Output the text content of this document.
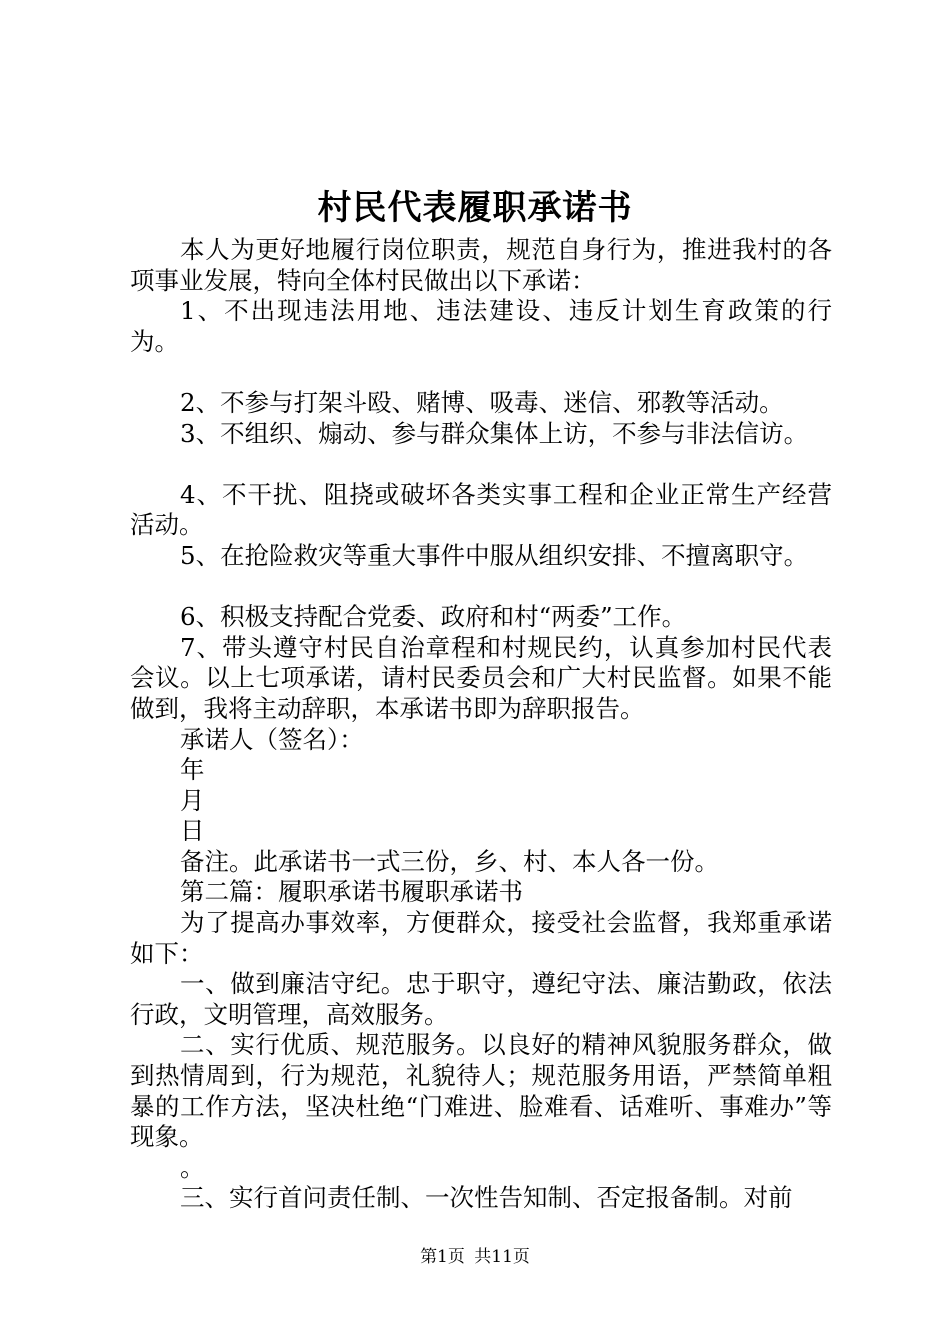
村民代表履职承诺书

本人为更好地履行岗位职责，规范自身行为，推进我村的各项事业发展，特向全体村民做出以下承诺：

1、不出现违法用地、违法建设、违反计划生育政策的行为。

2、不参与打架斗殴、赌博、吸毒、迷信、邪教等活动。

3、不组织、煽动、参与群众集体上访，不参与非法信访。

4、不干扰、阻挠或破坏各类实事工程和企业正常生产经营活动。

5、在抢险救灾等重大事件中服从组织安排、不擅离职守。

6、积极支持配合党委、政府和村“两委”工作。

7、带头遵守村民自治章程和村规民约，认真参加村民代表会议。以上七项承诺，请村民委员会和广大村民监督。如果不能做到，我将主动辞职，本承诺书即为辞职报告。

承诺人（签名）：

年

月

日

备注。此承诺书一式三份，乡、村、本人各一份。

第二篇：履职承诺书履职承诺书

为了提高办事效率，方便群众，接受社会监督，我郑重承诺如下：

一、做到廉洁守纪。忠于职守，遵纪守法、廉洁勤政，依法行政，文明管理，高效服务。

二、实行优质、规范服务。以良好的精神风貌服务群众，做到热情周到，行为规范，礼貌待人；规范服务用语，严禁简单粗暴的工作方法，坚决杜绝“门难进、脸难看、话难听、事难办”等现象。

。

三、实行首问责任制、一次性告知制、否定报备制。对前

第1页 共11页
